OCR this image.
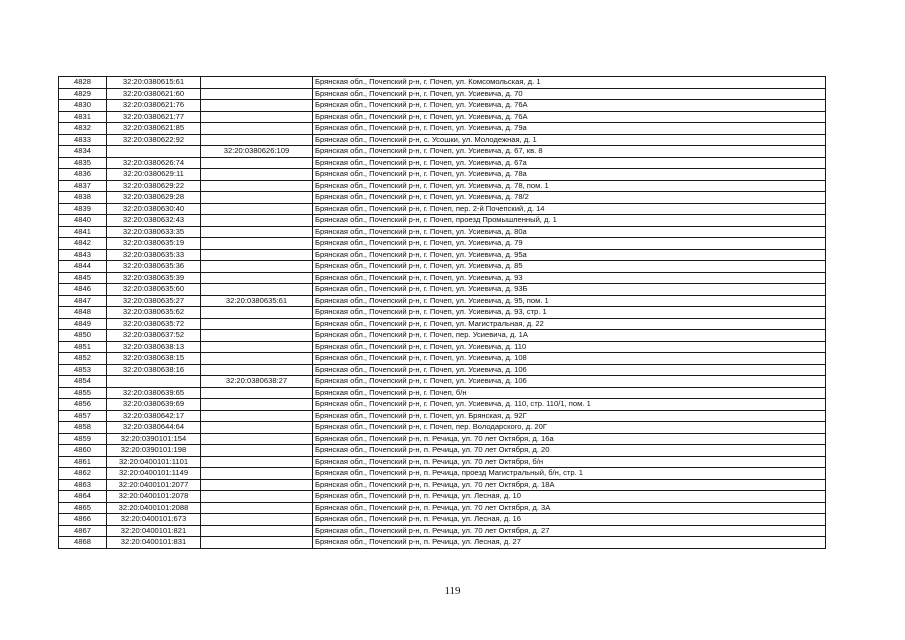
4828	32:20:0380615:61		Брянская обл., Почепский р-н, г. Почеп, ул. Комсомольская, д. 1
4829	32:20:0380621:60		Брянская обл., Почепский р-н, г. Почеп, ул. Усиевича, д. 70
4830	32:20:0380621:76		Брянская обл., Почепский р-н, г. Почеп, ул. Усиевича, д. 76А
4831	32:20:0380621:77		Брянская обл., Почепский р-н, г. Почеп, ул. Усиевича, д. 76А
4832	32:20:0380621:85		Брянская обл., Почепский р-н, г. Почеп, ул. Усиевича, д. 79а
4833	32:20:0380622:92		Брянская обл., Почепский р-н, с. Усошки, ул. Молодежная, д. 1
4834		32:20:0380626:109	Брянская обл., Почепский р-н, г. Почеп, ул. Усиевича, д. 67, кв. 8
4835	32:20:0380626:74		Брянская обл., Почепский р-н, г. Почеп, ул. Усиевича, д. 67а
4836	32:20:0380629:11		Брянская обл., Почепский р-н, г. Почеп, ул. Усиевича, д. 78а
4837	32:20:0380629:22		Брянская обл., Почепский р-н, г. Почеп, ул. Усиевича, д. 78, пом. 1
4838	32:20:0380629:28		Брянская обл., Почепский р-н, г. Почеп, ул. Усиевича, д. 78/2
4839	32:20:0380630:40		Брянская обл., Почепский р-н, г. Почеп, пер. 2-й Почепский, д. 14
4840	32:20:0380632:43		Брянская обл., Почепский р-н, г. Почеп, проезд Промышленный, д. 1
4841	32:20:0380633:35		Брянская обл., Почепский р-н, г. Почеп, ул. Усиевича, д. 80а
4842	32:20:0380635:19		Брянская обл., Почепский р-н, г. Почеп, ул. Усиевича, д. 79
4843	32:20:0380635:33		Брянская обл., Почепский р-н, г. Почеп, ул. Усиевича, д. 95а
4844	32:20:0380635:36		Брянская обл., Почепский р-н, г. Почеп, ул. Усиевича, д. 85
4845	32:20:0380635:39		Брянская обл., Почепский р-н, г. Почеп, ул. Усиевича, д. 93
4846	32:20:0380635:60		Брянская обл., Почепский р-н, г. Почеп, ул. Усиевича, д. 93Б
4847	32:20:0380635:27	32:20:0380635:61	Брянская обл., Почепский р-н, г. Почеп, ул. Усиевича, д. 95, пом. 1
4848	32:20:0380635:62		Брянская обл., Почепский р-н, г. Почеп, ул. Усиевича, д. 93, стр. 1
4849	32:20:0380635:72		Брянская обл., Почепский р-н, г. Почеп, ул. Магистральная, д. 22
4850	32:20:0380637:52		Брянская обл., Почепский р-н, г. Почеп, пер. Усиевича, д. 1А
4851	32:20:0380638:13		Брянская обл., Почепский р-н, г. Почеп, ул. Усиевича, д. 110
4852	32:20:0380638:15		Брянская обл., Почепский р-н, г. Почеп, ул. Усиевича, д. 108
4853	32:20:0380638:16		Брянская обл., Почепский р-н, г. Почеп, ул. Усиевича, д. 106
4854		32:20:0380638:27	Брянская обл., Почепский р-н, г. Почеп, ул. Усиевича, д. 106
4855	32:20:0380639:65		Брянская обл., Почепский р-н, г. Почеп, б/н
4856	32:20:0380639:69		Брянская обл., Почепский р-н, г. Почеп, ул. Усиевича, д. 110, стр. 110/1, пом. 1
4857	32:20:0380642:17		Брянская обл., Почепский р-н, г. Почеп, ул. Брянская, д. 92Г
4858	32:20:0380644:64		Брянская обл., Почепский р-н, г. Почеп, пер. Володарского, д. 20Г
4859	32:20:0390101:154		Брянская обл., Почепский р-н, п. Речица, ул. 70 лет Октября, д. 16а
4860	32:20:0390101:198		Брянская обл., Почепский р-н, п. Речица, ул. 70 лет Октября, д. 20
4861	32:20:0400101:1101		Брянская обл., Почепский р-н, п. Речица, ул. 70 лет Октября, б/н
4862	32:20:0400101:1149		Брянская обл., Почепский р-н, п. Речица, проезд Магистральный, б/н, стр. 1
4863	32:20:0400101:2077		Брянская обл., Почепский р-н, п. Речица, ул. 70 лет Октября, д. 18А
4864	32:20:0400101:2078		Брянская обл., Почепский р-н, п. Речица, ул. Лесная, д. 10
4865	32:20:0400101:2088		Брянская обл., Почепский р-н, п. Речица, ул. 70 лет Октября, д. 3А
4866	32:20:0400101:673		Брянская обл., Почепский р-н, п. Речица, ул. Лесная, д. 16
4867	32:20:0400101:821		Брянская обл., Почепский р-н, п. Речица, ул. 70 лет Октября, д. 27
4868	32:20:0400101:831		Брянская обл., Почепский р-н, п. Речица, ул. Лесная, д. 27
119
